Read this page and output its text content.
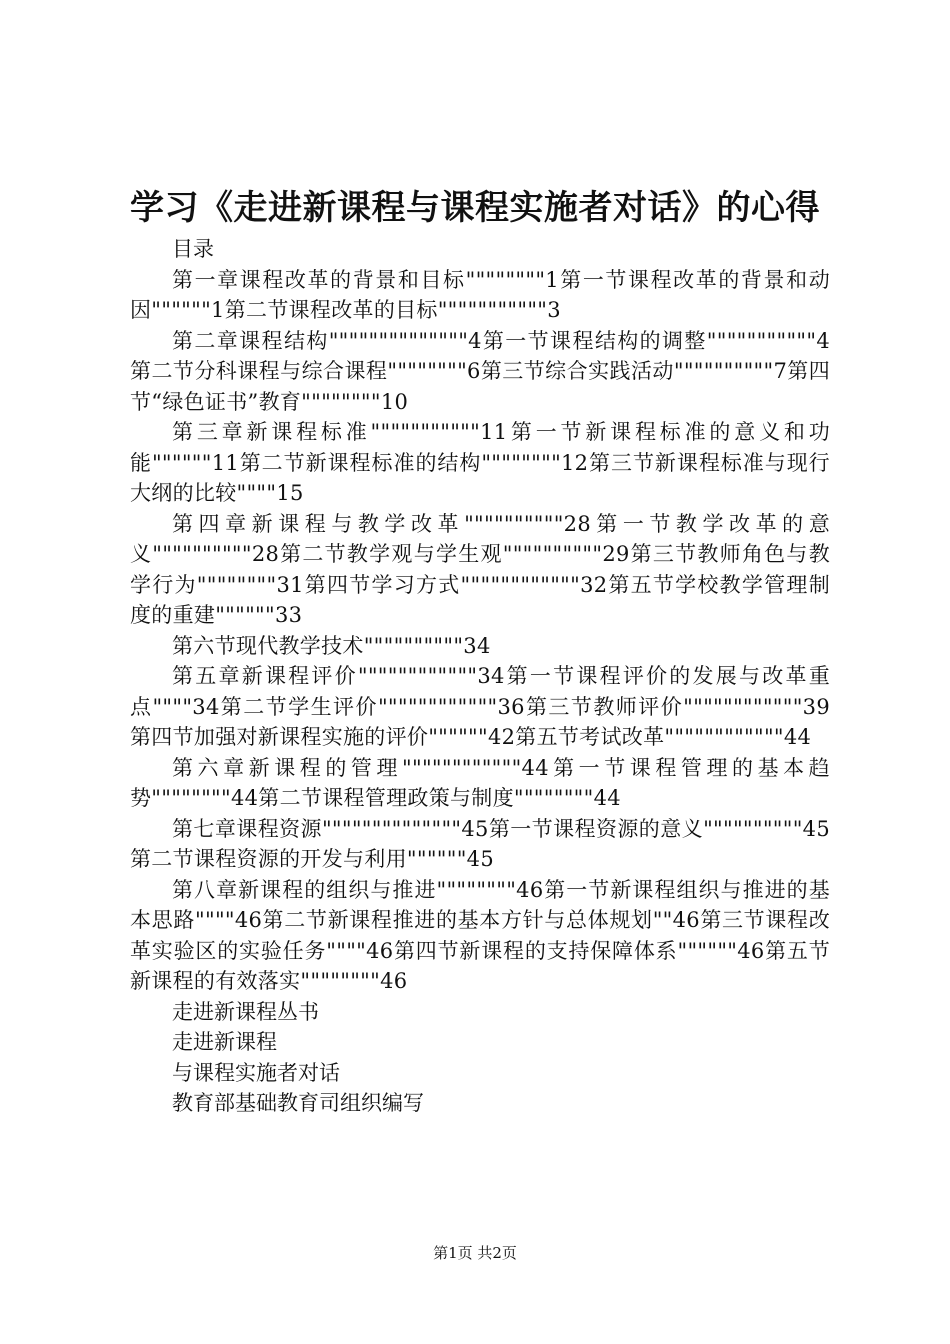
学习《走进新课程与课程实施者对话》的心得

目录

第一章课程改革的背景和目标""""""""1第一节课程改革的背景和动因""""""1第二节课程改革的目标"""""""""""3

第二章课程结构""""""""""""""4第一节课程结构的调整"""""""""""4第二节分科课程与综合课程""""""""6第三节综合实践活动""""""""""7第四节“绿色证书”教育""""""""10

第三章新课程标准"""""""""""11第一节新课程标准的意义和功能""""""11第二节新课程标准的结构""""""""12第三节新课程标准与现行大纲的比较""""15

第四章新课程与教学改革""""""""""28第一节教学改革的意义""""""""""28第二节教学观与学生观""""""""""29第三节教师角色与教学行为""""""""31第四节学习方式""""""""""""32第五节学校教学管理制度的重建""""""33

第六节现代教学技术""""""""""34

第五章新课程评价""""""""""""34第一节课程评价的发展与改革重点""""34第二节学生评价""""""""""""36第三节教师评价""""""""""""39第四节加强对新课程实施的评价""""""42第五节考试改革""""""""""""44

第六章新课程的管理""""""""""""44第一节课程管理的基本趋势""""""""44第二节课程管理政策与制度""""""""44

第七章课程资源""""""""""""""45第一节课程资源的意义""""""""""45第二节课程资源的开发与利用""""""45

第八章新课程的组织与推进""""""""46第一节新课程组织与推进的基本思路""""46第二节新课程推进的基本方针与总体规划""46第三节课程改革实验区的实验任务""""46第四节新课程的支持保障体系""""""46第五节新课程的有效落实""""""""46

走进新课程丛书

走进新课程

与课程实施者对话

教育部基础教育司组织编写

第1页 共2页
